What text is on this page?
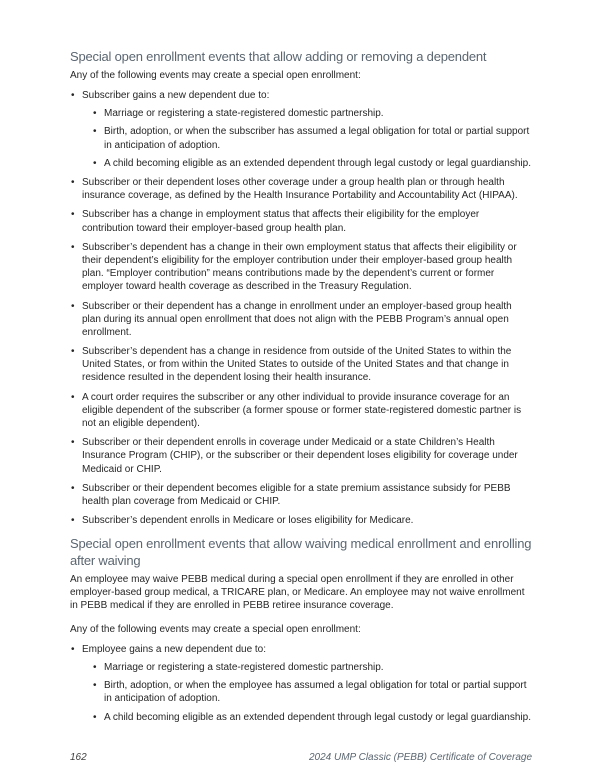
Special open enrollment events that allow adding or removing a dependent

Any of the following events may create a special open enrollment:

• Subscriber gains a new dependent due to:
• Marriage or registering a state-registered domestic partnership.
• Birth, adoption, or when the subscriber has assumed a legal obligation for total or partial support in anticipation of adoption.
• A child becoming eligible as an extended dependent through legal custody or legal guardianship.
• Subscriber or their dependent loses other coverage under a group health plan or through health insurance coverage, as defined by the Health Insurance Portability and Accountability Act (HIPAA).
• Subscriber has a change in employment status that affects their eligibility for the employer contribution toward their employer-based group health plan.
• Subscriber’s dependent has a change in their own employment status that affects their eligibility or their dependent’s eligibility for the employer contribution under their employer-based group health plan. “Employer contribution” means contributions made by the dependent’s current or former employer toward health coverage as described in the Treasury Regulation.
• Subscriber or their dependent has a change in enrollment under an employer-based group health plan during its annual open enrollment that does not align with the PEBB Program’s annual open enrollment.
• Subscriber’s dependent has a change in residence from outside of the United States to within the United States, or from within the United States to outside of the United States and that change in residence resulted in the dependent losing their health insurance.
• A court order requires the subscriber or any other individual to provide insurance coverage for an eligible dependent of the subscriber (a former spouse or former state-registered domestic partner is not an eligible dependent).
• Subscriber or their dependent enrolls in coverage under Medicaid or a state Children’s Health Insurance Program (CHIP), or the subscriber or their dependent loses eligibility for coverage under Medicaid or CHIP.
• Subscriber or their dependent becomes eligible for a state premium assistance subsidy for PEBB health plan coverage from Medicaid or CHIP.
• Subscriber’s dependent enrolls in Medicare or loses eligibility for Medicare.
Special open enrollment events that allow waiving medical enrollment and enrolling after waiving

An employee may waive PEBB medical during a special open enrollment if they are enrolled in other employer-based group medical, a TRICARE plan, or Medicare. An employee may not waive enrollment in PEBB medical if they are enrolled in PEBB retiree insurance coverage.

Any of the following events may create a special open enrollment:

• Employee gains a new dependent due to:
• Marriage or registering a state-registered domestic partnership.
• Birth, adoption, or when the employee has assumed a legal obligation for total or partial support in anticipation of adoption.
• A child becoming eligible as an extended dependent through legal custody or legal guardianship.
162	2024 UMP Classic (PEBB) Certificate of Coverage
